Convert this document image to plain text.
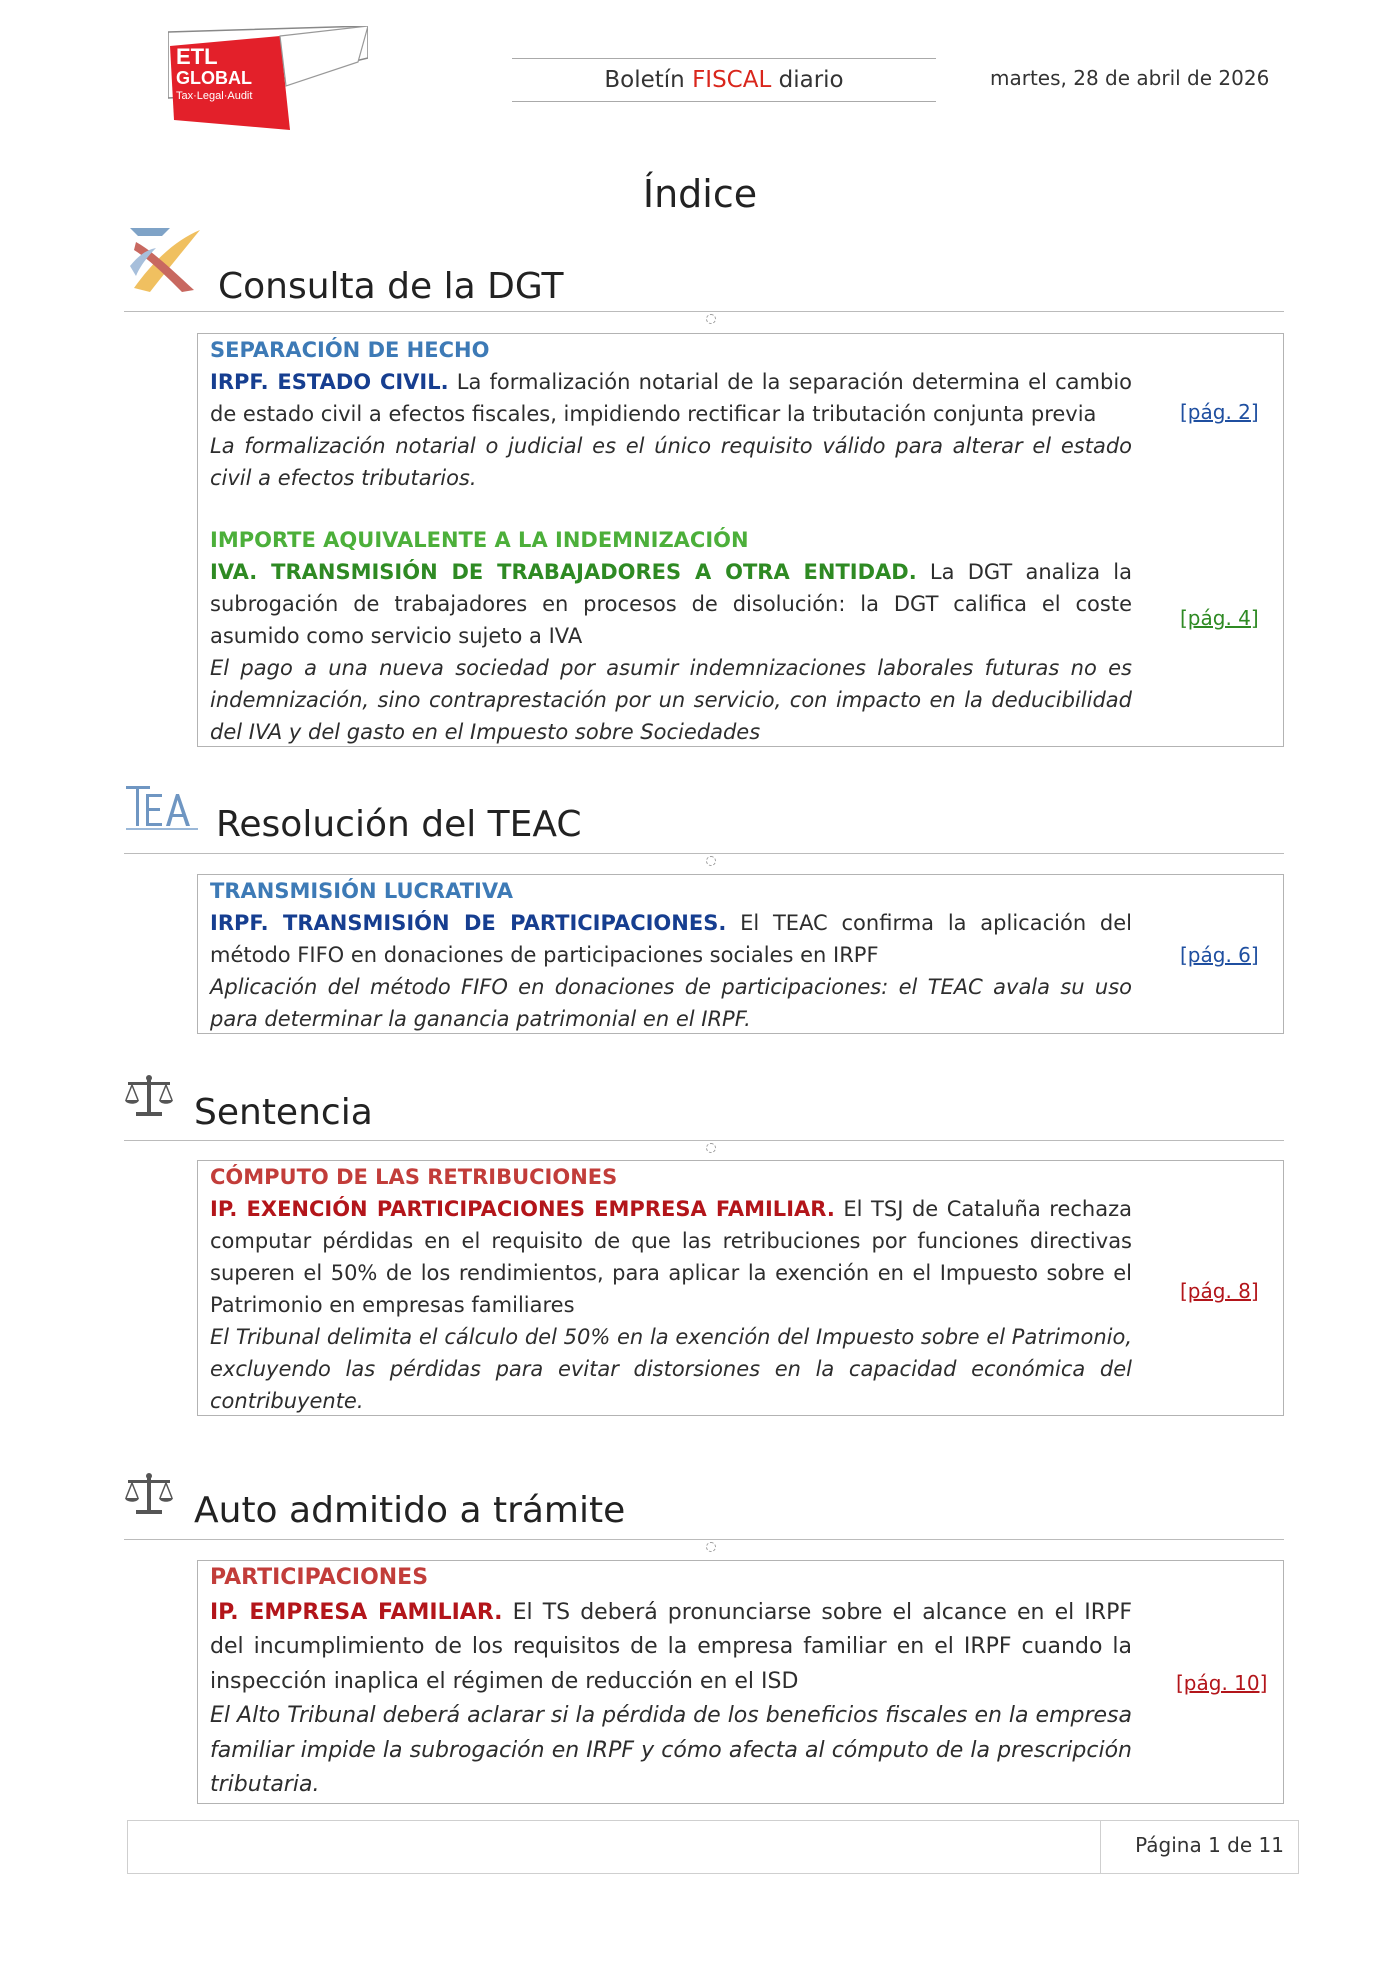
ETL
GLOBAL
Tax·Legal·Audit
Boletín FISCAL diario	martes, 28 de abril de 2026
Índice
Consulta de la DGT

SEPARACIÓN DE HECHO

IRPF. ESTADO CIVIL. La formalización notarial de la separación determina el cambio de estado civil a efectos fiscales, impidiendo rectificar la tributación conjunta previa

La formalización notarial o judicial es el único requisito válido para alterar el estado civil a efectos tributarios.

[pág. 2]

IMPORTE AQUIVALENTE A LA INDEMNIZACIÓN

IVA. TRANSMISIÓN DE TRABAJADORES A OTRA ENTIDAD. La DGT analiza la subrogación de trabajadores en procesos de disolución: la DGT califica el coste asumido como servicio sujeto a IVA

El pago a una nueva sociedad por asumir indemnizaciones laborales futuras no es indemnización, sino contraprestación por un servicio, con impacto en la deducibilidad del IVA y del gasto en el Impuesto sobre Sociedades

[pág. 4]
Resolución del TEAC

TRANSMISIÓN LUCRATIVA

IRPF. TRANSMISIÓN DE PARTICIPACIONES. El TEAC confirma la aplicación del método FIFO en donaciones de participaciones sociales en IRPF

Aplicación del método FIFO en donaciones de participaciones: el TEAC avala su uso para determinar la ganancia patrimonial en el IRPF.

[pág. 6]
Sentencia

CÓMPUTO DE LAS RETRIBUCIONES

IP. EXENCIÓN PARTICIPACIONES EMPRESA FAMILIAR. El TSJ de Cataluña rechaza computar pérdidas en el requisito de que las retribuciones por funciones directivas superen el 50% de los rendimientos, para aplicar la exención en el Impuesto sobre el Patrimonio en empresas familiares

El Tribunal delimita el cálculo del 50% en la exención del Impuesto sobre el Patrimonio, excluyendo las pérdidas para evitar distorsiones en la capacidad económica del contribuyente.

[pág. 8]
Auto admitido a trámite

PARTICIPACIONES

IP. EMPRESA FAMILIAR. El TS deberá pronunciarse sobre el alcance en el IRPF del incumplimiento de los requisitos de la empresa familiar en el IRPF cuando la inspección inaplica el régimen de reducción en el ISD

El Alto Tribunal deberá aclarar si la pérdida de los beneficios fiscales en la empresa familiar impide la subrogación en IRPF y cómo afecta al cómputo de la prescripción tributaria.

[pág. 10]
Página 1 de 11
